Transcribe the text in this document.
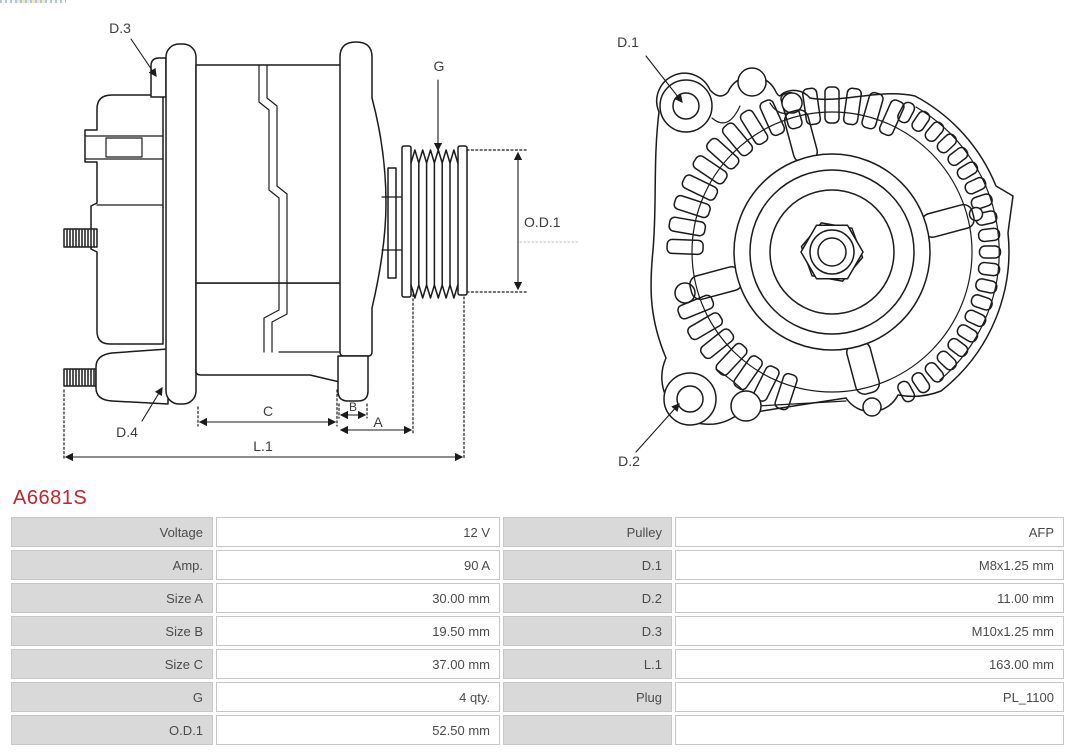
D.3
D.4
G
O.D.1
C	B
A
L.1
D.1
D.2
A6681S
Voltage	12 V	Pulley	AFP
Amp.	90 A	D.1	M8x1.25 mm
Size A	30.00 mm	D.2	11.00 mm
Size B	19.50 mm	D.3	M10x1.25 mm
Size C	37.00 mm	L.1	163.00 mm
G	4 qty.	Plug	PL_1100
O.D.1	52.50 mm
